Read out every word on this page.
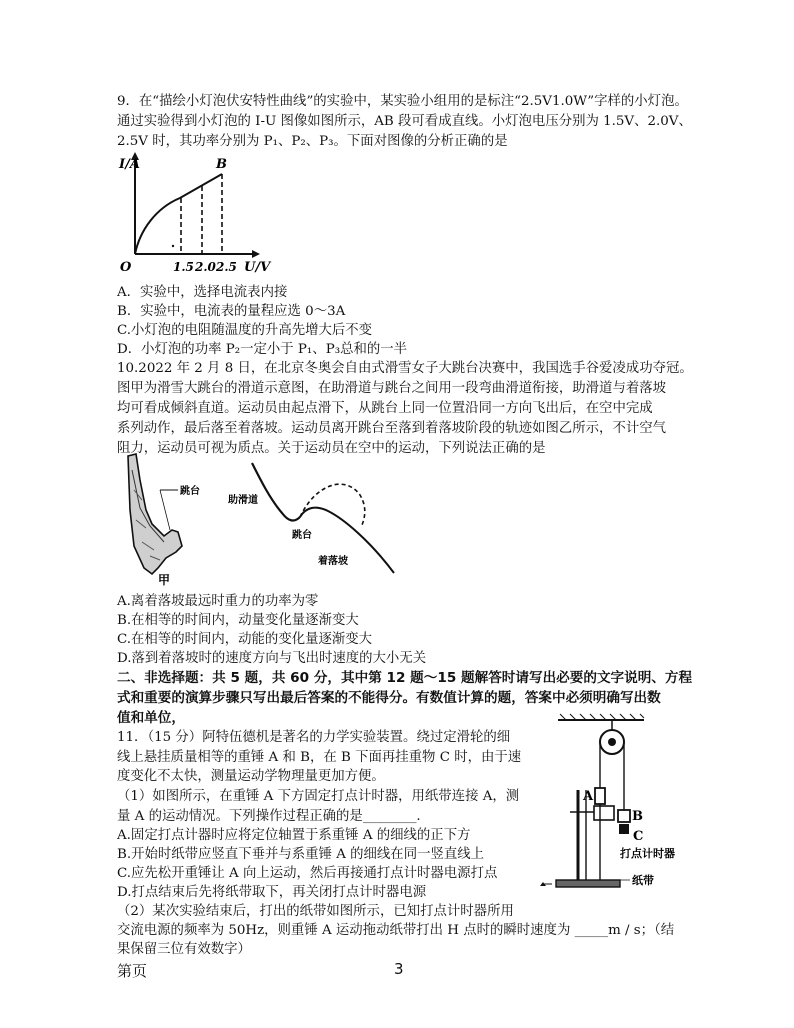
9．在“描绘小灯泡伏安特性曲线”的实验中，某实验小组用的是标注“2.5V1.0W”字样的小灯泡。
通过实验得到小灯泡的 I-U 图像如图所示，AB 段可看成直线。小灯泡电压分别为 1.5V、2.0V、
2.5V 时，其功率分别为 P₁、P₂、P₃。下面对图像的分析正确的是
I/A	B
O	1.5 2.0 2.5 U/V
A．实验中，选择电流表内接
B．实验中，电流表的量程应选 0～3A
C.小灯泡的电阻随温度的升高先增大后不变
D．小灯泡的功率 P₂一定小于 P₁、P₃总和的一半
10.2022 年 2 月 8 日，在北京冬奥会自由式滑雪女子大跳台决赛中，我国选手谷爱凌成功夺冠。
图甲为滑雪大跳台的滑道示意图，在助滑道与跳台之间用一段弯曲滑道衔接，助滑道与着落坡
均可看成倾斜直道。运动员由起点滑下，从跳台上同一位置沿同一方向飞出后，在空中完成
系列动作，最后落至着落坡。运动员离开跳台至落到着落坡阶段的轨迹如图乙所示，不计空气
阻力，运动员可视为质点。关于运动员在空中的运动，下列说法正确的是
跳台
甲
助滑道
跳台
着落坡
A.离着落坡最远时重力的功率为零
B.在相等的时间内，动量变化量逐渐变大
C.在相等的时间内，动能的变化量逐渐变大
D.落到着落坡时的速度方向与飞出时速度的大小无关
二、非选择题：共 5 题，共 60 分，其中第 12 题～15 题解答时请写出必要的文字说明、方程
式和重要的演算步骤只写出最后答案的不能得分。有数值计算的题，答案中必须明确写出数
值和单位，
11．（15 分）阿特伍德机是著名的力学实验装置。绕过定滑轮的细
线上悬挂质量相等的重锤 A 和 B，在 B 下面再挂重物 C 时，由于速
度变化不太快，测量运动学物理量更加方便。
（1）如图所示，在重锤 A 下方固定打点计时器，用纸带连接 A，测
量 A 的运动情况。下列操作过程正确的是________.
A.固定打点计器时应将定位轴置于系重锤 A 的细线的正下方
B.开始时纸带应竖直下垂并与系重锤 A 的细线在同一竖直线上
C.应先松开重锤让 A 向上运动，然后再接通打点计时器电源打点
D.打点结束后先将纸带取下，再关闭打点计时器电源
（2）某次实验结束后，打出的纸带如图所示，已知打点计时器所用
交流电源的频率为 50Hz，则重锤 A 运动拖动纸带打出 H 点时的瞬时速度为 _____m / s；（结
果保留三位有效数字）
A
B
C
打点计时器
纸带
第页	3
